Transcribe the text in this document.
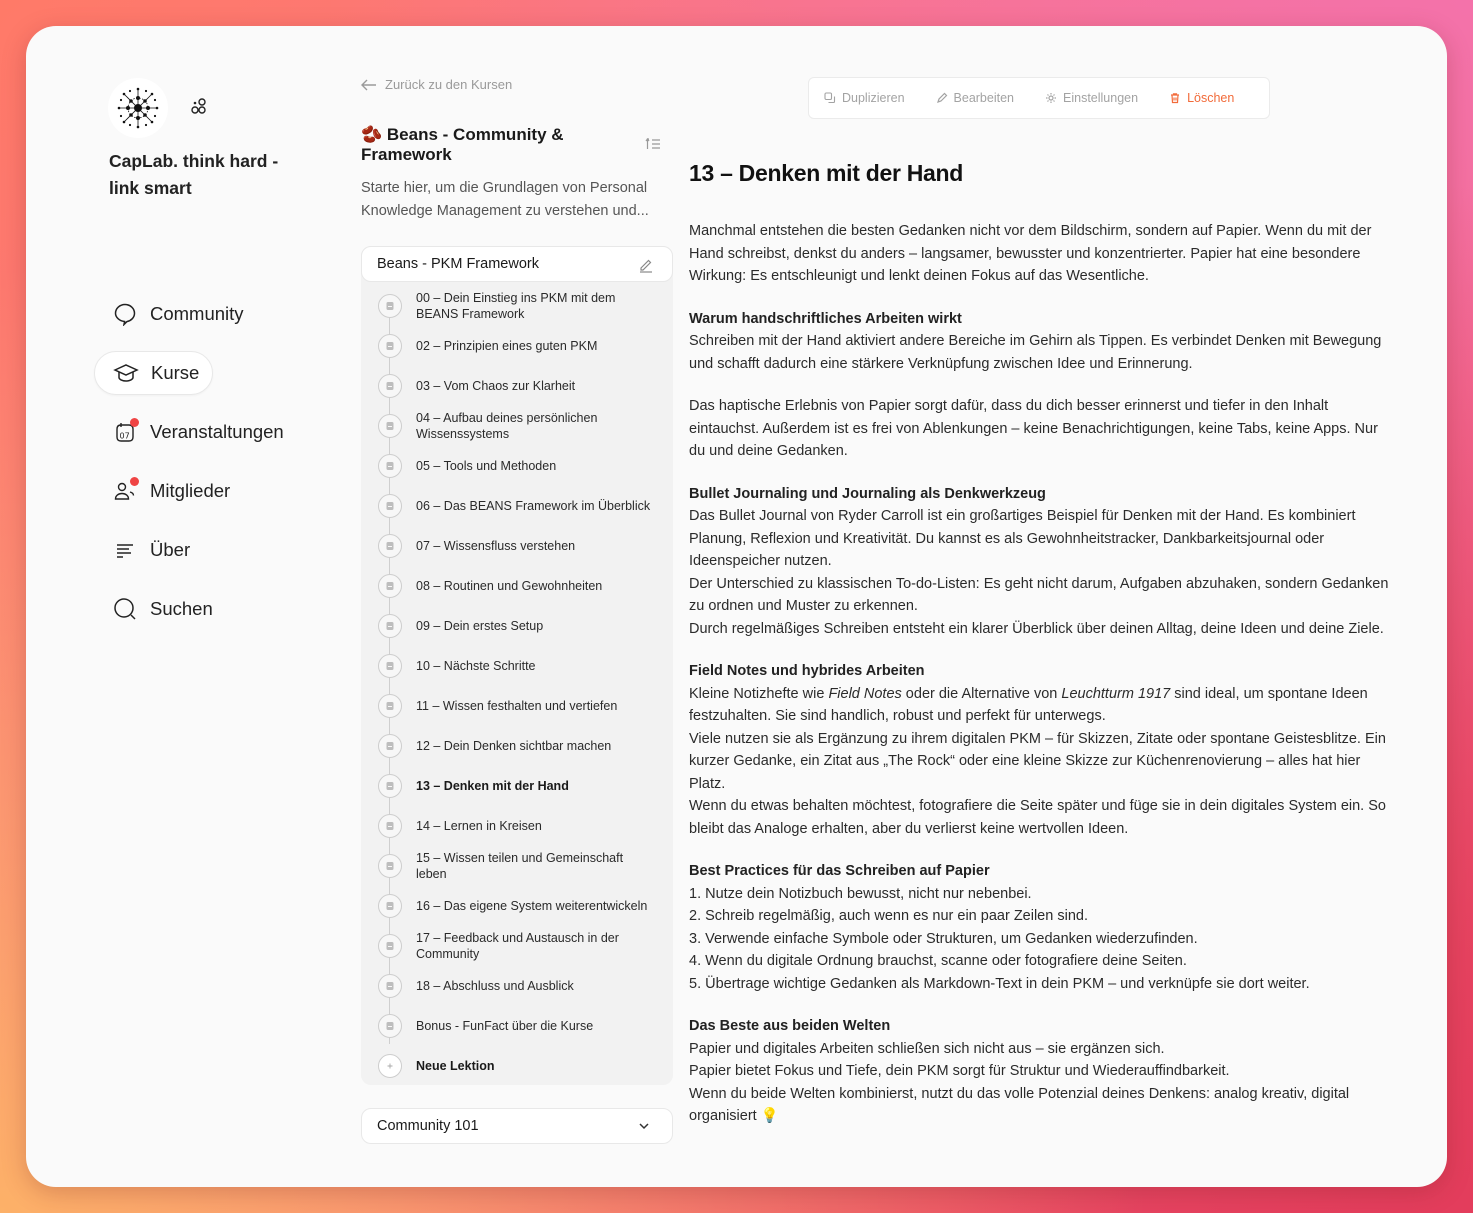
CapLab. think hard - link smart
Community
Kurse
07 Veranstaltungen
Mitglieder
Über
Suchen
Zurück zu den Kursen
🫘 Beans - Community & Framework
Starte hier, um die Grundlagen von Personal Knowledge Management zu verstehen und...
Beans - PKM Framework
00 – Dein Einstieg ins PKM mit dem BEANS Framework
02 – Prinzipien eines guten PKM
03 – Vom Chaos zur Klarheit
04 – Aufbau deines persönlichen Wissenssystems
05 – Tools und Methoden
06 – Das BEANS Framework im Überblick
07 – Wissensfluss verstehen
08 – Routinen und Gewohnheiten
09 – Dein erstes Setup
10 – Nächste Schritte
11 – Wissen festhalten und vertiefen
12 – Dein Denken sichtbar machen
13 – Denken mit der Hand
14 – Lernen in Kreisen
15 – Wissen teilen und Gemeinschaft leben
16 – Das eigene System weiterentwickeln
17 – Feedback und Austausch in der Community
18 – Abschluss und Ausblick
Bonus - FunFact über die Kurse
Neue Lektion
Community 101
Duplizieren	Bearbeiten	Einstellungen	Löschen
13 – Denken mit der Hand

Manchmal entstehen die besten Gedanken nicht vor dem Bildschirm, sondern auf Papier. Wenn du mit der Hand schreibst, denkst du anders – langsamer, bewusster und konzentrierter. Papier hat eine besondere Wirkung: Es entschleunigt und lenkt deinen Fokus auf das Wesentliche.

Warum handschriftliches Arbeiten wirkt

Schreiben mit der Hand aktiviert andere Bereiche im Gehirn als Tippen. Es verbindet Denken mit Bewegung und schafft dadurch eine stärkere Verknüpfung zwischen Idee und Erinnerung.

Das haptische Erlebnis von Papier sorgt dafür, dass du dich besser erinnerst und tiefer in den Inhalt eintauchst. Außerdem ist es frei von Ablenkungen – keine Benachrichtigungen, keine Tabs, keine Apps. Nur du und deine Gedanken.

Bullet Journaling und Journaling als Denkwerkzeug

Das Bullet Journal von Ryder Carroll ist ein großartiges Beispiel für Denken mit der Hand. Es kombiniert Planung, Reflexion und Kreativität. Du kannst es als Gewohnheitstracker, Dankbarkeitsjournal oder Ideenspeicher nutzen.

Der Unterschied zu klassischen To-do-Listen: Es geht nicht darum, Aufgaben abzuhaken, sondern Gedanken zu ordnen und Muster zu erkennen.

Durch regelmäßiges Schreiben entsteht ein klarer Überblick über deinen Alltag, deine Ideen und deine Ziele.

Field Notes und hybrides Arbeiten

Kleine Notizhefte wie Field Notes oder die Alternative von Leuchtturm 1917 sind ideal, um spontane Ideen festzuhalten. Sie sind handlich, robust und perfekt für unterwegs.

Viele nutzen sie als Ergänzung zu ihrem digitalen PKM – für Skizzen, Zitate oder spontane Geistesblitze. Ein kurzer Gedanke, ein Zitat aus „The Rock“ oder eine kleine Skizze zur Küchenrenovierung – alles hat hier Platz.

Wenn du etwas behalten möchtest, fotografiere die Seite später und füge sie in dein digitales System ein. So bleibt das Analoge erhalten, aber du verlierst keine wertvollen Ideen.

Best Practices für das Schreiben auf Papier

1. Nutze dein Notizbuch bewusst, nicht nur nebenbei.

2. Schreib regelmäßig, auch wenn es nur ein paar Zeilen sind.

3. Verwende einfache Symbole oder Strukturen, um Gedanken wiederzufinden.

4. Wenn du digitale Ordnung brauchst, scanne oder fotografiere deine Seiten.

5. Übertrage wichtige Gedanken als Markdown-Text in dein PKM – und verknüpfe sie dort weiter.

Das Beste aus beiden Welten

Papier und digitales Arbeiten schließen sich nicht aus – sie ergänzen sich.

Papier bietet Fokus und Tiefe, dein PKM sorgt für Struktur und Wiederauffindbarkeit.

Wenn du beide Welten kombinierst, nutzt du das volle Potenzial deines Denkens: analog kreativ, digital organisiert 💡
